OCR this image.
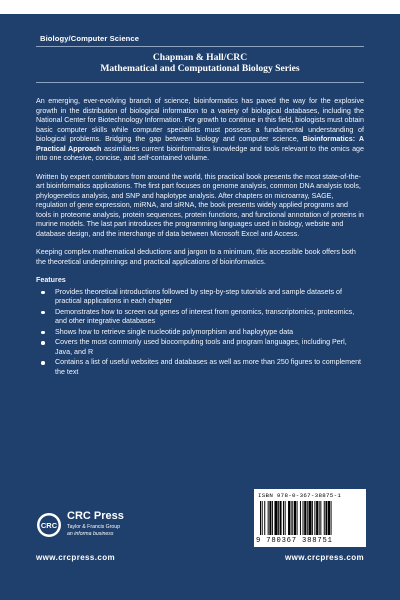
Biology/Computer Science
Chapman & Hall/CRC
Mathematical and Computational Biology Series

An emerging, ever-evolving branch of science, bioinformatics has paved the way for the explosive growth in the distribution of biological information to a variety of biological databases, including the National Center for Biotechnology Information. For growth to continue in this field, biologists must obtain basic computer skills while computer specialists must possess a fundamental understanding of biological problems. Bridging the gap between biology and computer science, Bioinformatics: A Practical Approach assimilates current bioinformatics knowledge and tools relevant to the omics age into one cohesive, concise, and self-contained volume.

Written by expert contributors from around the world, this practical book presents the most state-of-the-art bioinformatics applications. The first part focuses on genome analysis, common DNA analysis tools, phylogenetics analysis, and SNP and haplotype analysis. After chapters on microarray, SAGE, regulation of gene expression, miRNA, and siRNA, the book presents widely applied programs and tools in proteome analysis, protein sequences, protein functions, and functional annotation of proteins in murine models. The last part introduces the programming languages used in biology, website and database design, and the interchange of data between Microsoft Excel and Access.

Keeping complex mathematical deductions and jargon to a minimum, this accessible book offers both the theoretical underpinnings and practical applications of bioinformatics.

Features
Provides theoretical introductions followed by step-by-step tutorials and sample datasets of practical applications in each chapter
Demonstrates how to screen out genes of interest from genomics, transcriptomics, proteomics, and other integrative databases
Shows how to retrieve single nucleotide polymorphism and haploytype data
Covers the most commonly used biocomputing tools and program languages, including Perl, Java, and R
Contains a list of useful websites and databases as well as more than 250 figures to complement the text
CRC
CRC Press
Taylor & Francis Group
an informa business
www.crcpress.com
ISBN 978-0-367-38875-1
9 780367 388751
www.crcpress.com
